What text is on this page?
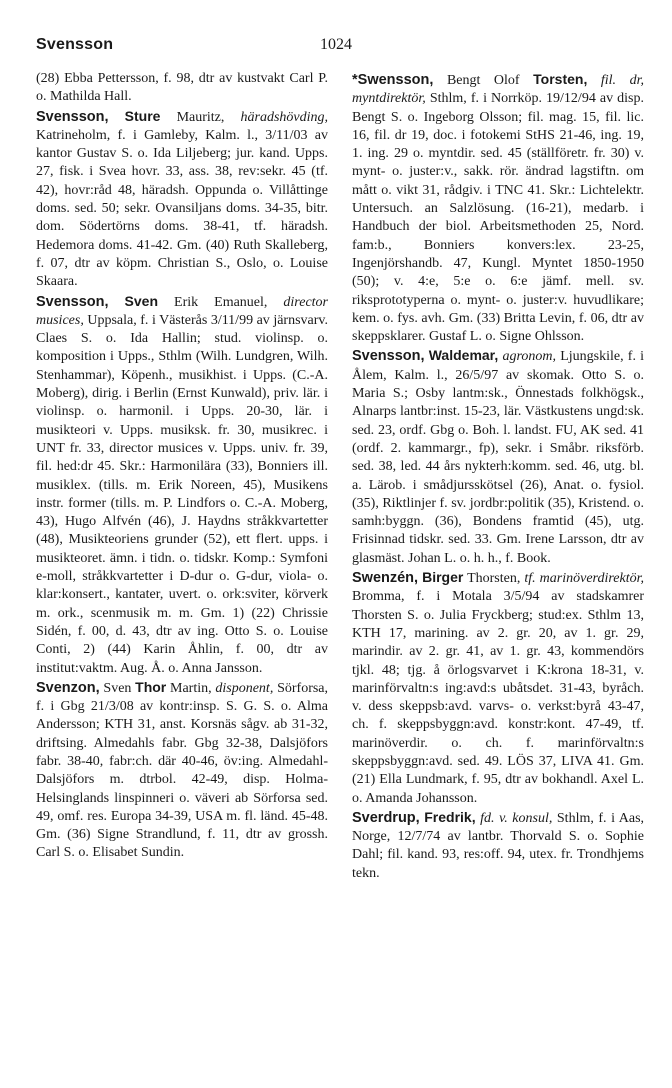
Svensson	1024

(28) Ebba Pettersson, f. 98, dtr av kustvakt Carl P. o. Mathilda Hall.

Svensson, Sture Mauritz, häradshövding, Katrineholm, f. i Gamleby, Kalm. l., 3/11/03 av kantor Gustav S. o. Ida Liljeberg; jur. kand. Upps. 27, fisk. i Svea hovr. 33, ass. 38, rev:sekr. 45 (tf. 42), hovr:råd 48, häradsh. Oppunda o. Villåttinge doms. sed. 50; sekr. Ovansiljans doms. 34-35, bitr. dom. Södertörns doms. 38-41, tf. häradsh. Hedemora doms. 41-42. Gm. (40) Ruth Skalleberg, f. 07, dtr av köpm. Christian S., Oslo, o. Louise Skaara.

Svensson, Sven Erik Emanuel, director musices, Uppsala, f. i Västerås 3/11/99 av järnsvarv. Claes S. o. Ida Hallin; stud. violinsp. o. komposition i Upps., Sthlm (Wilh. Lundgren, Wilh. Stenhammar), Köpenh., musikhist. i Upps. (C.-A. Moberg), dirig. i Berlin (Ernst Kunwald), priv. lär. i violinsp. o. harmonil. i Upps. 20-30, lär. i musikteori v. Upps. musiksk. fr. 30, musikrec. i UNT fr. 33, director musices v. Upps. univ. fr. 39, fil. hed:dr 45. Skr.: Harmonilära (33), Bonniers ill. musiklex. (tills. m. Erik Noreen, 45), Musikens instr. former (tills. m. P. Lindfors o. C.-A. Moberg, 43), Hugo Alfvén (46), J. Haydns stråkkvartetter (48), Musikteoriens grunder (52), ett flert. upps. i musikteoret. ämn. i tidn. o. tidskr. Komp.: Symfoni e-moll, stråkkvartetter i D-dur o. G-dur, viola- o. klar:konsert., kantater, uvert. o. ork:sviter, körverk m. ork., scenmusik m. m. Gm. 1) (22) Chrissie Sidén, f. 00, d. 43, dtr av ing. Otto S. o. Louise Conti, 2) (44) Karin Åhlin, f. 00, dtr av institut:vaktm. Aug. Å. o. Anna Jansson.

Svenzon, Sven Thor Martin, disponent, Sörforsa, f. i Gbg 21/3/08 av kontr:insp. S. G. S. o. Alma Andersson; KTH 31, anst. Korsnäs sågv. ab 31-32, driftsing. Almedahls fabr. Gbg 32-38, Dalsjöfors fabr. 38-40, fabr:ch. där 40-46, öv:ing. Almedahl-Dalsjöfors m. dtrbol. 42-49, disp. Holma-Helsinglands linspinneri o. väveri ab Sörforsa sed. 49, omf. res. Europa 34-39, USA m. fl. länd. 45-48. Gm. (36) Signe Strandlund, f. 11, dtr av grossh. Carl S. o. Elisabet Sundin.

*Swensson, Bengt Olof Torsten, fil. dr, myntdirektör, Sthlm, f. i Norrköp. 19/12/94 av disp. Bengt S. o. Ingeborg Olsson; fil. mag. 15, fil. lic. 16, fil. dr 19, doc. i fotokemi StHS 21-46, ing. 19, 1. ing. 29 o. myntdir. sed. 45 (ställföretr. fr. 30) v. mynt- o. juster:v., sakk. rör. ändrad lagstiftn. om mått o. vikt 31, rådgiv. i TNC 41. Skr.: Lichtelektr. Untersuch. an Salzlösung. (16-21), medarb. i Handbuch der biol. Arbeitsmethoden 25, Nord. fam:b., Bonniers konvers:lex. 23-25, Ingenjörshandb. 47, Kungl. Myntet 1850-1950 (50); v. 4:e, 5:e o. 6:e jämf. mell. sv. riksprototyperna o. mynt- o. juster:v. huvudlikare; kem. o. fys. avh. Gm. (33) Britta Levin, f. 06, dtr av skeppsklarer. Gustaf L. o. Signe Ohlsson.

Svensson, Waldemar, agronom, Ljungskile, f. i Ålem, Kalm. l., 26/5/97 av skomak. Otto S. o. Maria S.; Osby lantm:sk., Önnestads folkhögsk., Alnarps lantbr:inst. 15-23, lär. Västkustens ungd:sk. sed. 23, ordf. Gbg o. Boh. l. landst. FU, AK sed. 41 (ordf. 2. kammargr., fp), sekr. i Småbr. riksförb. sed. 38, led. 44 års nykterh:komm. sed. 46, utg. bl. a. Lärob. i smådjursskötsel (26), Anat. o. fysiol. (35), Riktlinjer f. sv. jordbr:politik (35), Kristend. o. samh:byggn. (36), Bondens framtid (45), utg. Frisinnad tidskr. sed. 33. Gm. Irene Larsson, dtr av glasmäst. Johan L. o. h. h., f. Book.

Swenzén, Birger Thorsten, tf. marinöverdirektör, Bromma, f. i Motala 3/5/94 av stadskamrer Thorsten S. o. Julia Fryckberg; stud:ex. Sthlm 13, KTH 17, marining. av 2. gr. 20, av 1. gr. 29, marindir. av 2. gr. 41, av 1. gr. 43, kommendörs tjkl. 48; tjg. å örlogsvarvet i K:krona 18-31, v. marinförvaltn:s ing:avd:s ubåtsdet. 31-43, byråch. v. dess skeppsb:avd. varvs- o. verkst:byrå 43-47, ch. f. skeppsbyggn:avd. konstr:kont. 47-49, tf. marinöverdir. o. ch. f. marinförvaltn:s skeppsbyggn:avd. sed. 49. LÖS 37, LIVA 41. Gm. (21) Ella Lundmark, f. 95, dtr av bokhandl. Axel L. o. Amanda Johansson.

Sverdrup, Fredrik, fd. v. konsul, Sthlm, f. i Aas, Norge, 12/7/74 av lantbr. Thorvald S. o. Sophie Dahl; fil. kand. 93, res:off. 94, utex. fr. Trondhjems tekn.
